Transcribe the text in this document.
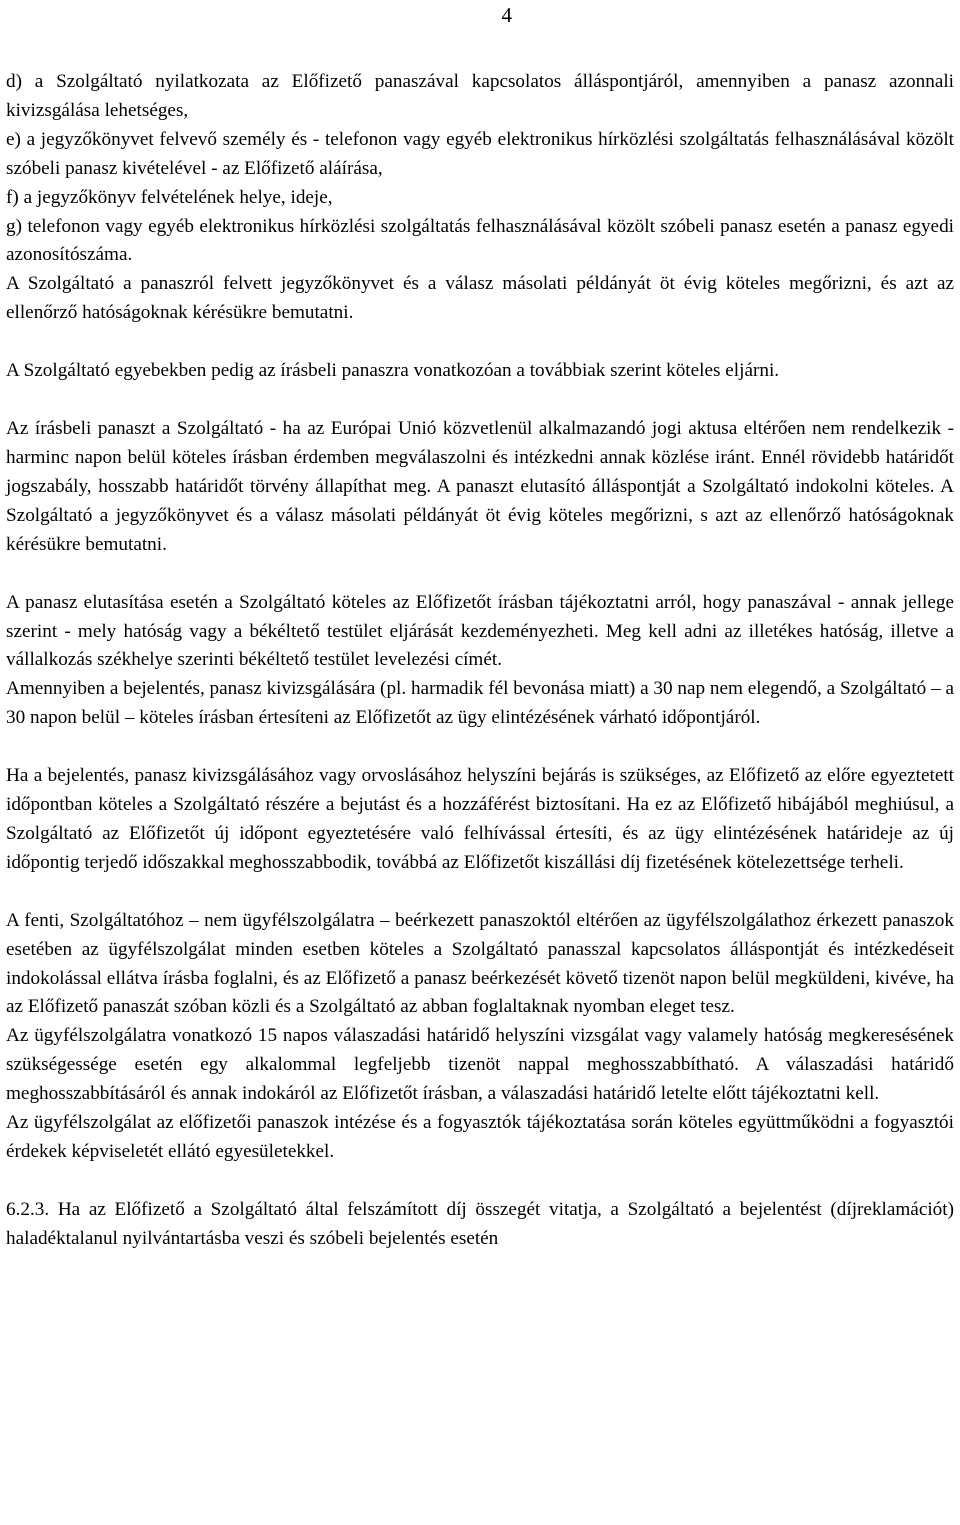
4

d) a Szolgáltató nyilatkozata az Előfizető panaszával kapcsolatos álláspontjáról, amennyiben a panasz azonnali kivizsgálása lehetséges,

e) a jegyzőkönyvet felvevő személy és - telefonon vagy egyéb elektronikus hírközlési szolgáltatás felhasználásával közölt szóbeli panasz kivételével - az Előfizető aláírása,

f) a jegyzőkönyv felvételének helye, ideje,

g) telefonon vagy egyéb elektronikus hírközlési szolgáltatás felhasználásával közölt szóbeli panasz esetén a panasz egyedi azonosítószáma.

A Szolgáltató a panaszról felvett jegyzőkönyvet és a válasz másolati példányát öt évig köteles megőrizni, és azt az ellenőrző hatóságoknak kérésükre bemutatni.

A Szolgáltató egyebekben pedig az írásbeli panaszra vonatkozóan a továbbiak szerint köteles eljárni.

Az írásbeli panaszt a Szolgáltató - ha az Európai Unió közvetlenül alkalmazandó jogi aktusa eltérően nem rendelkezik - harminc napon belül köteles írásban érdemben megválaszolni és intézkedni annak közlése iránt. Ennél rövidebb határidőt jogszabály, hosszabb határidőt törvény állapíthat meg. A panaszt elutasító álláspontját a Szolgáltató indokolni köteles. A Szolgáltató a jegyzőkönyvet és a válasz másolati példányát öt évig köteles megőrizni, s azt az ellenőrző hatóságoknak kérésükre bemutatni.

A panasz elutasítása esetén a Szolgáltató köteles az Előfizetőt írásban tájékoztatni arról, hogy panaszával - annak jellege szerint - mely hatóság vagy a békéltető testület eljárását kezdeményezheti. Meg kell adni az illetékes hatóság, illetve a vállalkozás székhelye szerinti békéltető testület levelezési címét.

Amennyiben a bejelentés, panasz kivizsgálására (pl. harmadik fél bevonása miatt) a 30 nap nem elegendő, a Szolgáltató – a 30 napon belül – köteles írásban értesíteni az Előfizetőt az ügy elintézésének várható időpontjáról.

Ha a bejelentés, panasz kivizsgálásához vagy orvoslásához helyszíni bejárás is szükséges, az Előfizető az előre egyeztetett időpontban köteles a Szolgáltató részére a bejutást és a hozzáférést biztosítani. Ha ez az Előfizető hibájából meghiúsul, a Szolgáltató az Előfizetőt új időpont egyeztetésére való felhívással értesíti, és az ügy elintézésének határideje az új időpontig terjedő időszakkal meghosszabbodik, továbbá az Előfizetőt kiszállási díj fizetésének kötelezettsége terheli.

A fenti, Szolgáltatóhoz – nem ügyfélszolgálatra – beérkezett panaszoktól eltérően az ügyfélszolgálathoz érkezett panaszok esetében az ügyfélszolgálat minden esetben köteles a Szolgáltató panasszal kapcsolatos álláspontját és intézkedéseit indokolással ellátva írásba foglalni, és az Előfizető a panasz beérkezését követő tizenöt napon belül megküldeni, kivéve, ha az Előfizető panaszát szóban közli és a Szolgáltató az abban foglaltaknak nyomban eleget tesz.

Az ügyfélszolgálatra vonatkozó 15 napos válaszadási határidő helyszíni vizsgálat vagy valamely hatóság megkeresésének szükségessége esetén egy alkalommal legfeljebb tizenöt nappal meghosszabbítható. A válaszadási határidő meghosszabbításáról és annak indokáról az Előfizetőt írásban, a válaszadási határidő letelte előtt tájékoztatni kell.

Az ügyfélszolgálat az előfizetői panaszok intézése és a fogyasztók tájékoztatása során köteles együttműködni a fogyasztói érdekek képviseletét ellátó egyesületekkel.

6.2.3. Ha az Előfizető a Szolgáltató által felszámított díj összegét vitatja, a Szolgáltató a bejelentést (díjreklamációt) haladéktalanul nyilvántartásba veszi és szóbeli bejelentés esetén
